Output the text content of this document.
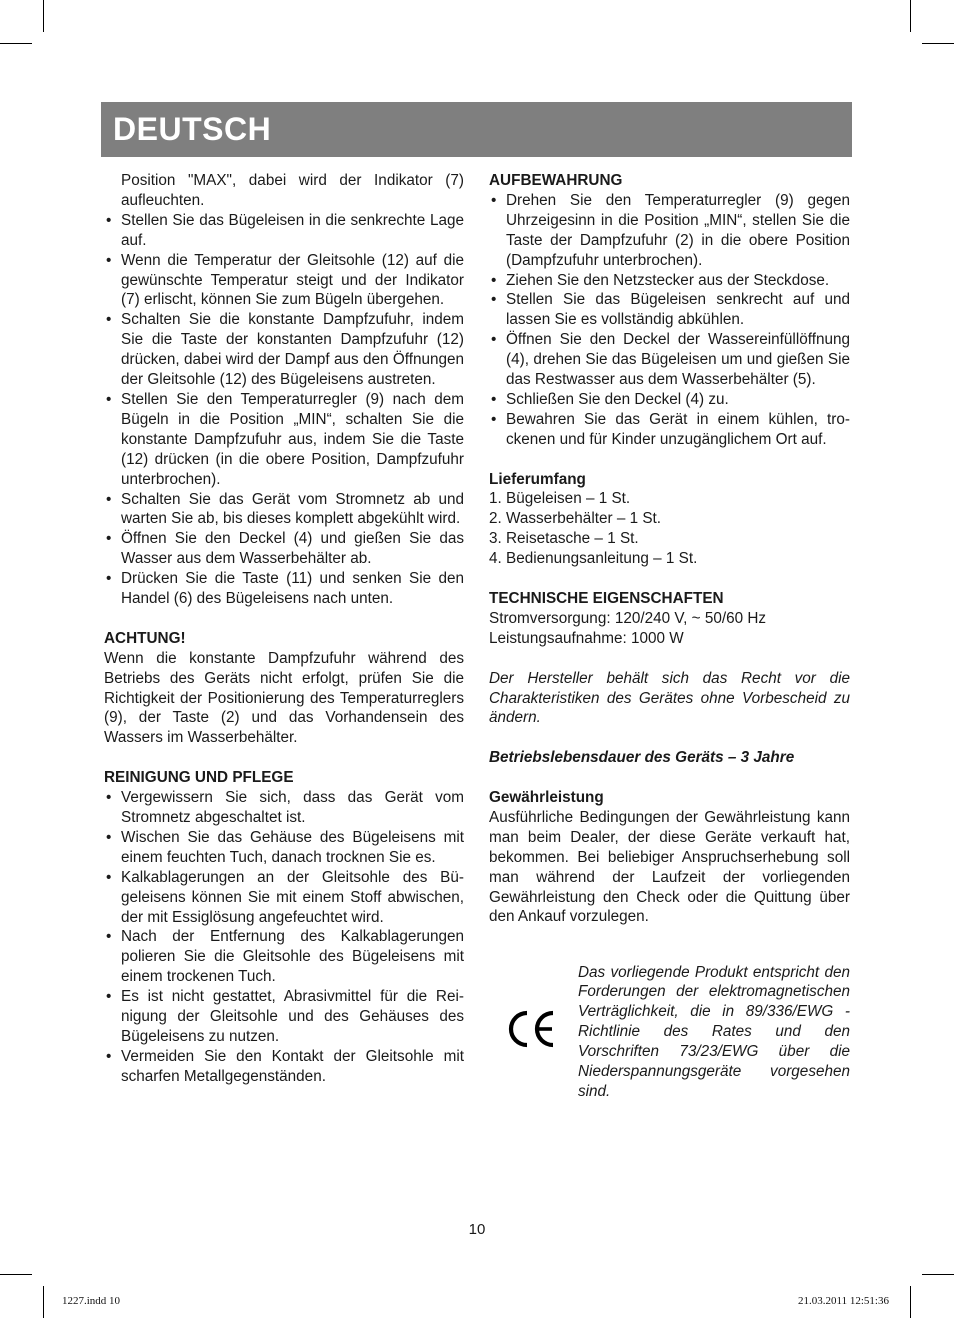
DEUTSCH

Position "MAX", dabei wird der Indikator (7) aufleuchten.

• Stellen Sie das Bügeleisen in die senkrechte Lage auf.
• Wenn die Temperatur der Gleitsohle (12) auf die gewünschte Temperatur steigt und der Indikator (7) erlischt, können Sie zum Bügeln übergehen.
• Schalten Sie die konstante Dampfzufuhr, indem Sie die Taste der konstanten Dampfzufuhr (12) drücken, dabei wird der Dampf aus den Öffnungen der Gleitsohle (12) des Bügeleisens austreten.
• Stellen Sie den Temperaturregler (9) nach dem Bügeln in die Position „MIN“, schalten Sie die konstante Dampfzufuhr aus, indem Sie die Taste (12) drücken (in die obere Position, Dampfzufuhr unterbrochen).
• Schalten Sie das Gerät vom Stromnetz ab und warten Sie ab, bis dieses komplett abgekühlt wird.
• Öffnen Sie den Deckel (4) und gießen Sie das Wasser aus dem Wasserbehälter ab.
• Drücken Sie die Taste (11) und senken Sie den Handel (6) des Bügeleisens nach unten.

ACHTUNG!

Wenn die konstante Dampfzufuhr während des Betriebs des Geräts nicht erfolgt, prüfen Sie die Richtigkeit der Positionierung des Temperaturreglers (9), der Taste (2) und das Vorhandensein des Wassers im Wasserbehälter.

REINIGUNG UND PFLEGE

• Vergewissern Sie sich, dass das Gerät vom Stromnetz abgeschaltet ist.
• Wischen Sie das Gehäuse des Bügeleisens mit einem feuchten Tuch, danach trocknen Sie es.
• Kalkablagerungen an der Gleitsohle des Bügeleisens können Sie mit einem Stoff abwischen, der mit Essiglösung angefeuchtet wird.
• Nach der Entfernung des Kalkablagerungen polieren Sie die Gleitsohle des Bügeleisens mit einem trockenen Tuch.
• Es ist nicht gestattet, Abrasivmittel für die Reinigung der Gleitsohle und des Gehäuses des Bügeleisens zu nutzen.
• Vermeiden Sie den Kontakt der Gleitsohle mit scharfen Metallgegenständen.

AUFBEWAHRUNG

• Drehen Sie den Temperaturregler (9) gegen Uhrzeigesinn in die Position „MIN“, stellen Sie die Taste der Dampfzufuhr (2) in die obere Position (Dampfzufuhr unterbrochen).
• Ziehen Sie den Netzstecker aus der Steckdose.
• Stellen Sie das Bügeleisen senkrecht auf und lassen Sie es vollständig abkühlen.
• Öffnen Sie den Deckel der Wassereinfüllöffnung (4), drehen Sie das Bügeleisen um und gießen Sie das Restwasser aus dem Wasserbehälter (5).
• Schließen Sie den Deckel (4) zu.
• Bewahren Sie das Gerät in einem kühlen, trockenen und für Kinder unzugänglichem Ort auf.

Lieferumfang

1. Bügeleisen – 1 St.

2. Wasserbehälter – 1 St.

3. Reisetasche – 1 St.

4. Bedienungsanleitung – 1 St.

TECHNISCHE EIGENSCHAFTEN

Stromversorgung: 120/240 V, ~ 50/60 Hz

Leistungsaufnahme: 1000 W

Der Hersteller behält sich das Recht vor die Charakteristiken des Gerätes ohne Vorbescheid zu ändern.

Betriebslebensdauer des Geräts – 3 Jahre

Gewährleistung

Ausführliche Bedingungen der Gewährleistung kann man beim Dealer, der diese Geräte verkauft hat, bekommen. Bei beliebiger Anspruchserhebung soll man während der Laufzeit der vorliegenden Gewährleistung den Check oder die Quittung über den Ankauf vorzulegen.

Das vorliegende Produkt entspricht den Forderungen der elektromagnetischen Verträglichkeit, die in 89/336/EWG -Richtlinie des Rates und den Vorschriften 73/23/EWG über die Niederspannungsgeräte vorgesehen sind.

10
1227.indd 10	21.03.2011 12:51:36
